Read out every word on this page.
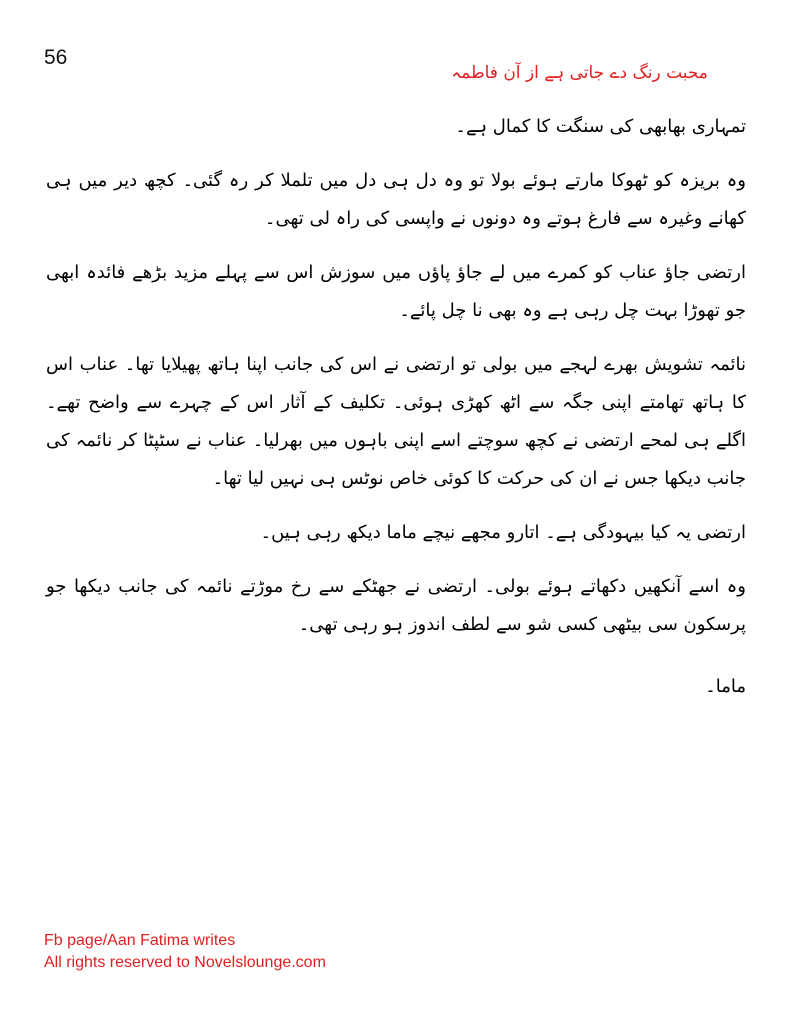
56
محبت رنگ دے جاتی ہے از آن فاطمہ

تمہاری بھابھی کی سنگت کا کمال ہے۔

وہ بریزہ کو ٹھوکا مارتے ہوئے بولا تو وہ دل ہی دل میں تلملا کر رہ گئی۔ کچھ دیر میں ہی کھانے وغیرہ سے فارغ ہوتے وہ دونوں نے واپسی کی راہ لی تھی۔

ارتضی جاؤ عناب کو کمرے میں لے جاؤ پاؤں میں سوزش اس سے پہلے مزید بڑھے فائدہ ابھی جو تھوڑا بہت چل رہی ہے وہ بھی نا چل پائے۔

نائمہ تشویش بھرے لہجے میں بولی تو ارتضی نے اس کی جانب اپنا ہاتھ پھیلایا تھا۔ عناب اس کا ہاتھ تھامتے اپنی جگہ سے اٹھ کھڑی ہوئی۔ تکلیف کے آثار اس کے چہرے سے واضح تھے۔ اگلے ہی لمحے ارتضی نے کچھ سوچتے اسے اپنی باہوں میں بھرلیا۔ عناب نے سٹپٹا کر نائمہ کی جانب دیکھا جس نے ان کی حرکت کا کوئی خاص نوٹس ہی نہیں لیا تھا۔

ارتضی یہ کیا بیہودگی ہے۔ اتارو مجھے نیچے ماما دیکھ رہی ہیں۔

وہ اسے آنکھیں دکھاتے ہوئے بولی۔ ارتضی نے جھٹکے سے رخ موڑتے نائمہ کی جانب دیکھا جو پرسکون سی بیٹھی کسی شو سے لطف اندوز ہو رہی تھی۔

ماما۔

Fb page/Aan Fatima writes
All rights reserved to Novelslounge.com
